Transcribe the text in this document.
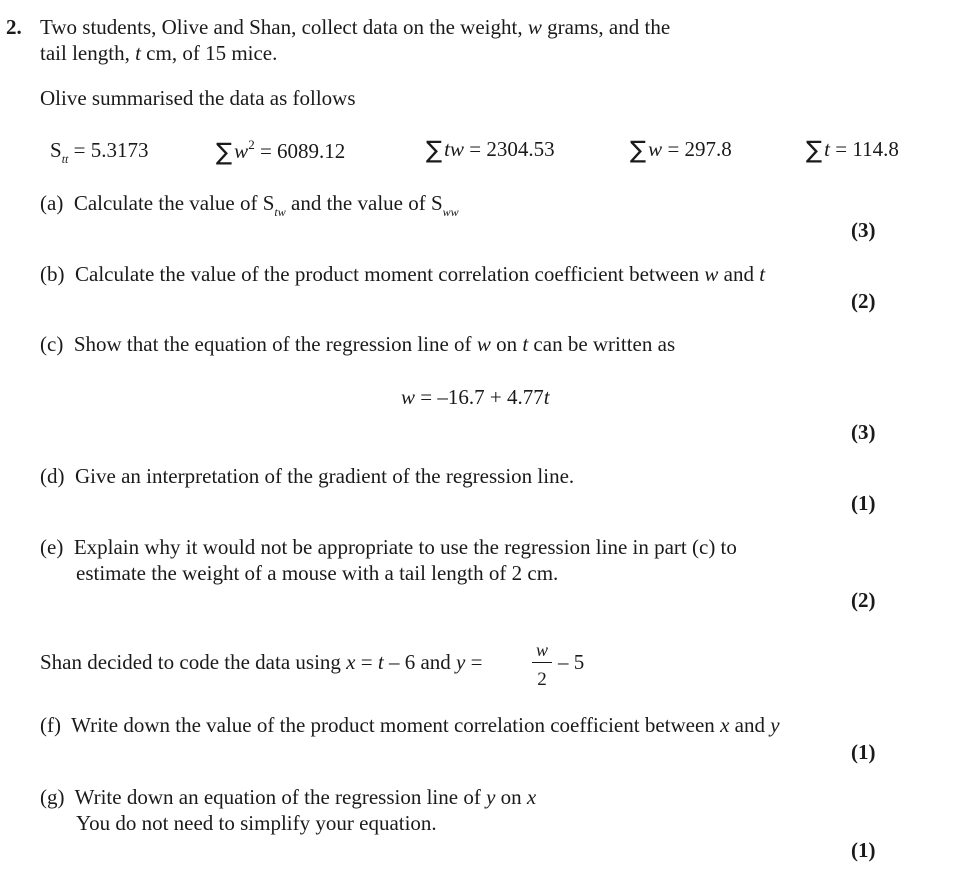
2. Two students, Olive and Shan, collect data on the weight, w grams, and the
tail length, t cm, of 15 mice.
Olive summarised the data as follows
$S_{tt} = 5.3173$	$\sum w^2 = 6089.12$	∑tw = 2304.53	∑w = 297.8	∑t = 114.8
(a) Calculate the value of $S_{tw}$ and the value of $S_{ww}$
(3)
(b) Calculate the value of the product moment correlation coefficient between w and t
(2)
(c) Show that the equation of the regression line of w on t can be written as
w = –16.7 + 4.77t
(3)
(d) Give an interpretation of the gradient of the regression line.
(1)
(e) Explain why it would not be appropriate to use the regression line in part (c) to
estimate the weight of a mouse with a tail length of 2 cm.
(2)
Shan decided to code the data using x = t – 6 and y =	w
2
– 5
(f) Write down the value of the product moment correlation coefficient between x and y
(1)
(g) Write down an equation of the regression line of y on x
You do not need to simplify your equation.
(1)
